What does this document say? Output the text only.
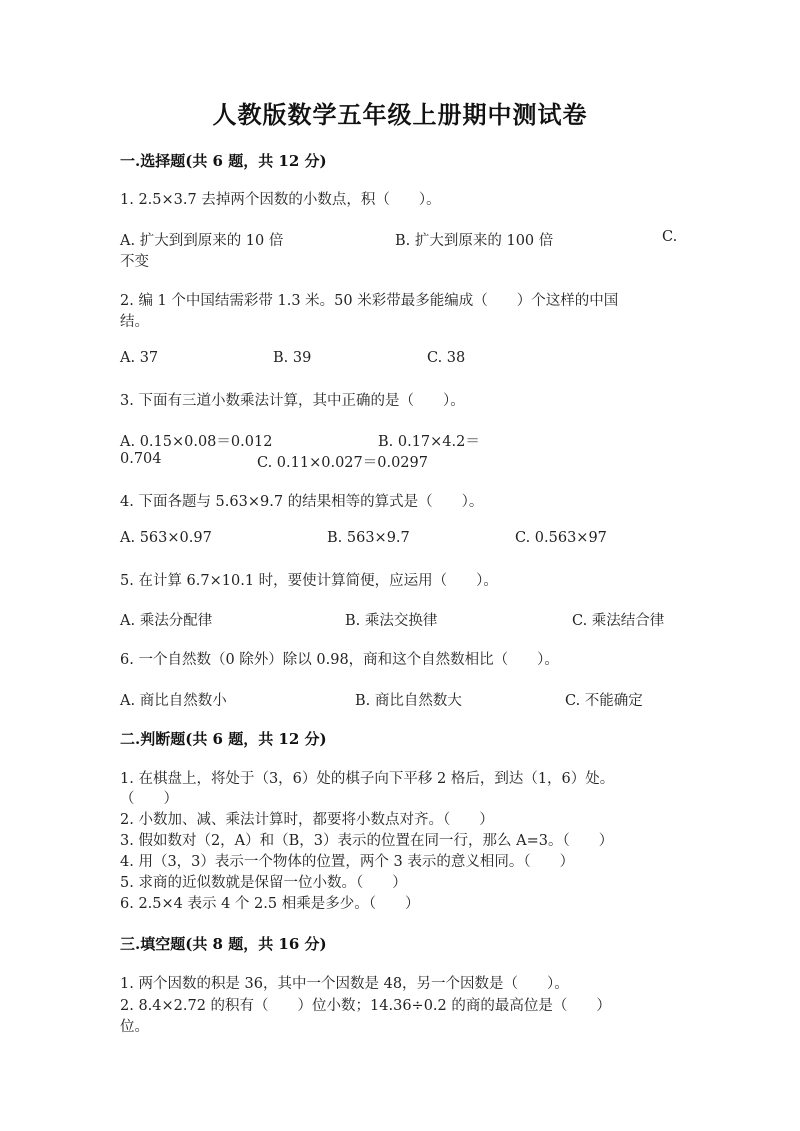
人教版数学五年级上册期中测试卷
一.选择题(共 6 题，共 12 分)
1. 2.5×3.7 去掉两个因数的小数点，积（　　）。
A. 扩大到到原来的 10 倍	B. 扩大到原来的 100 倍	C.
不变
2. 编 1 个中国结需彩带 1.3 米。50 米彩带最多能编成（　　）个这样的中国
结。
A. 37	B. 39	C. 38
3. 下面有三道小数乘法计算，其中正确的是（　　）。
A. 0.15×0.08＝0.012	B. 0.17×4.2＝
0.704	C. 0.11×0.027＝0.0297
4. 下面各题与 5.63×9.7 的结果相等的算式是（　　）。
A. 563×0.97	B. 563×9.7	C. 0.563×97
5. 在计算 6.7×10.1 时，要使计算简便，应运用（　　）。
A. 乘法分配律	B. 乘法交换律	C. 乘法结合律
6. 一个自然数（0 除外）除以 0.98，商和这个自然数相比（　　）。
A. 商比自然数小	B. 商比自然数大	C. 不能确定
二.判断题(共 6 题，共 12 分)
1. 在棋盘上，将处于（3，6）处的棋子向下平移 2 格后，到达（1，6）处。
（　　）
2. 小数加、减、乘法计算时，都要将小数点对齐。（　　）
3. 假如数对（2，A）和（B，3）表示的位置在同一行，那么 A=3。（　　）
4. 用（3，3）表示一个物体的位置，两个 3 表示的意义相同。（　　）
5. 求商的近似数就是保留一位小数。（　　）
6. 2.5×4 表示 4 个 2.5 相乘是多少。（　　）
三.填空题(共 8 题，共 16 分)
1. 两个因数的积是 36，其中一个因数是 48，另一个因数是（　　）。
2. 8.4×2.72 的积有（　　）位小数；14.36÷0.2 的商的最高位是（　　）
位。
